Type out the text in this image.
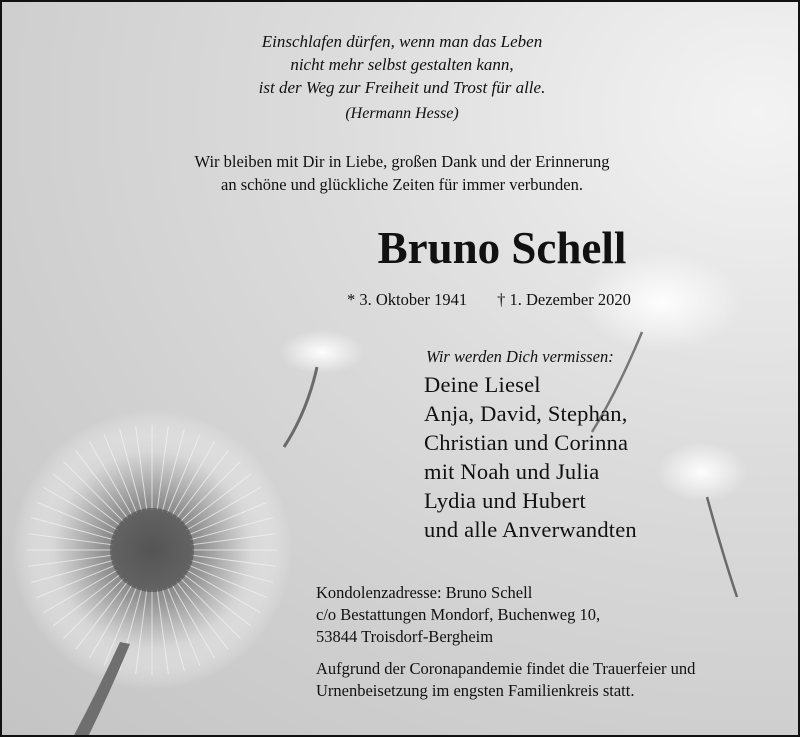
Einschlafen dürfen, wenn man das Leben
nicht mehr selbst gestalten kann,
ist der Weg zur Freiheit und Trost für alle.
(Hermann Hesse)
Wir bleiben mit Dir in Liebe, großen Dank und der Erinnerung
an schöne und glückliche Zeiten für immer verbunden.
Bruno Schell
* 3. Oktober 1941 † 1. Dezember 2020
Wir werden Dich vermissen:
Deine Liesel
Anja, David, Stephan,
Christian und Corinna
mit Noah und Julia
Lydia und Hubert
und alle Anverwandten
Kondolenzadresse: Bruno Schell
c/o Bestattungen Mondorf, Buchenweg 10,
53844 Troisdorf-Bergheim
Aufgrund der Coronapandemie findet die Trauerfeier und
Urnenbeisetzung im engsten Familienkreis statt.
